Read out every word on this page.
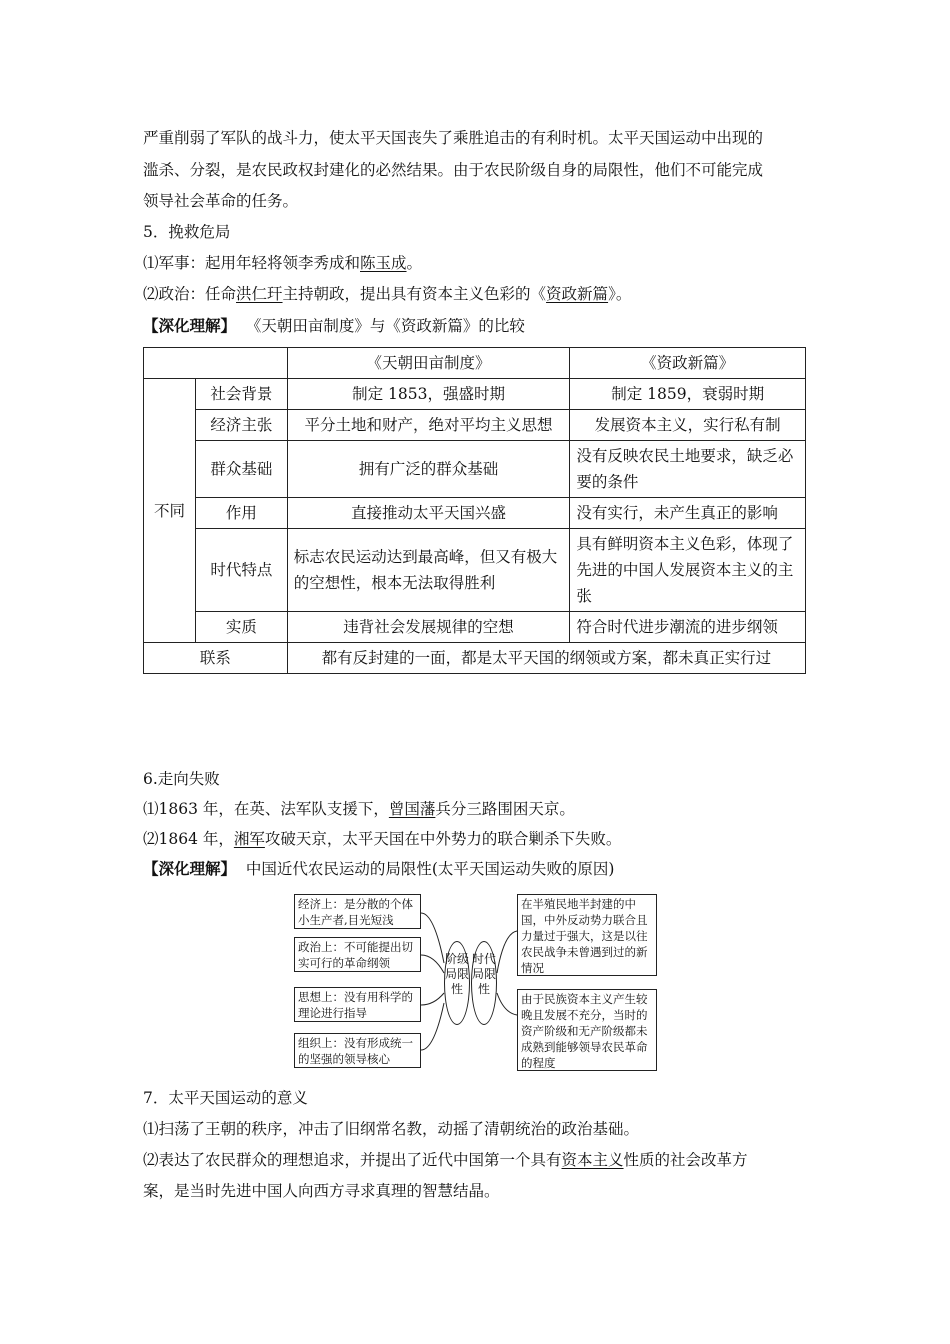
严重削弱了军队的战斗力，使太平天国丧失了乘胜追击的有利时机。太平天国运动中出现的
滥杀、分裂，是农民政权封建化的必然结果。由于农民阶级自身的局限性，他们不可能完成
领导社会革命的任务。
5．挽救危局
⑴军事：起用年轻将领李秀成和陈玉成。
⑵政治：任命洪仁玕主持朝政，提出具有资本主义色彩的《资政新篇》。
【深化理解】 《天朝田亩制度》与《资政新篇》的比较
		《天朝田亩制度》	《资政新篇》
不同	社会背景	制定 1853，强盛时期	制定 1859，衰弱时期
	经济主张	平分土地和财产，绝对平均主义思想	发展资本主义，实行私有制
	群众基础	拥有广泛的群众基础	没有反映农民土地要求，缺乏必要的条件
	作用	直接推动太平天国兴盛	没有实行，未产生真正的影响
	时代特点	标志农民运动达到最高峰，但又有极大的空想性，根本无法取得胜利	具有鲜明资本主义色彩，体现了先进的中国人发展资本主义的主张
	实质	违背社会发展规律的空想	符合时代进步潮流的进步纲领
联系		都有反封建的一面，都是太平天国的纲领或方案，都未真正实行过	
6.走向失败
⑴1863 年，在英、法军队支援下，曾国藩兵分三路围困天京。
⑵1864 年，湘军攻破天京，太平天国在中外势力的联合剿杀下失败。
【深化理解】 中国近代农民运动的局限性(太平天国运动失败的原因)
经济上：是分散的个体小生产者,目光短浅
政治上：不可能提出切实可行的革命纲领
思想上：没有用科学的理论进行指导
组织上：没有形成统一的坚强的领导核心
阶级局限性
时代局限性
在半殖民地半封建的中国，中外反动势力联合且力量过于强大，这是以往农民战争未曾遇到过的新情况
由于民族资本主义产生较晚且发展不充分，当时的资产阶级和无产阶级都未成熟到能够领导农民革命的程度
7．太平天国运动的意义
⑴扫荡了王朝的秩序，冲击了旧纲常名教，动摇了清朝统治的政治基础。
⑵表达了农民群众的理想追求，并提出了近代中国第一个具有资本主义性质的社会改革方
案，是当时先进中国人向西方寻求真理的智慧结晶。
